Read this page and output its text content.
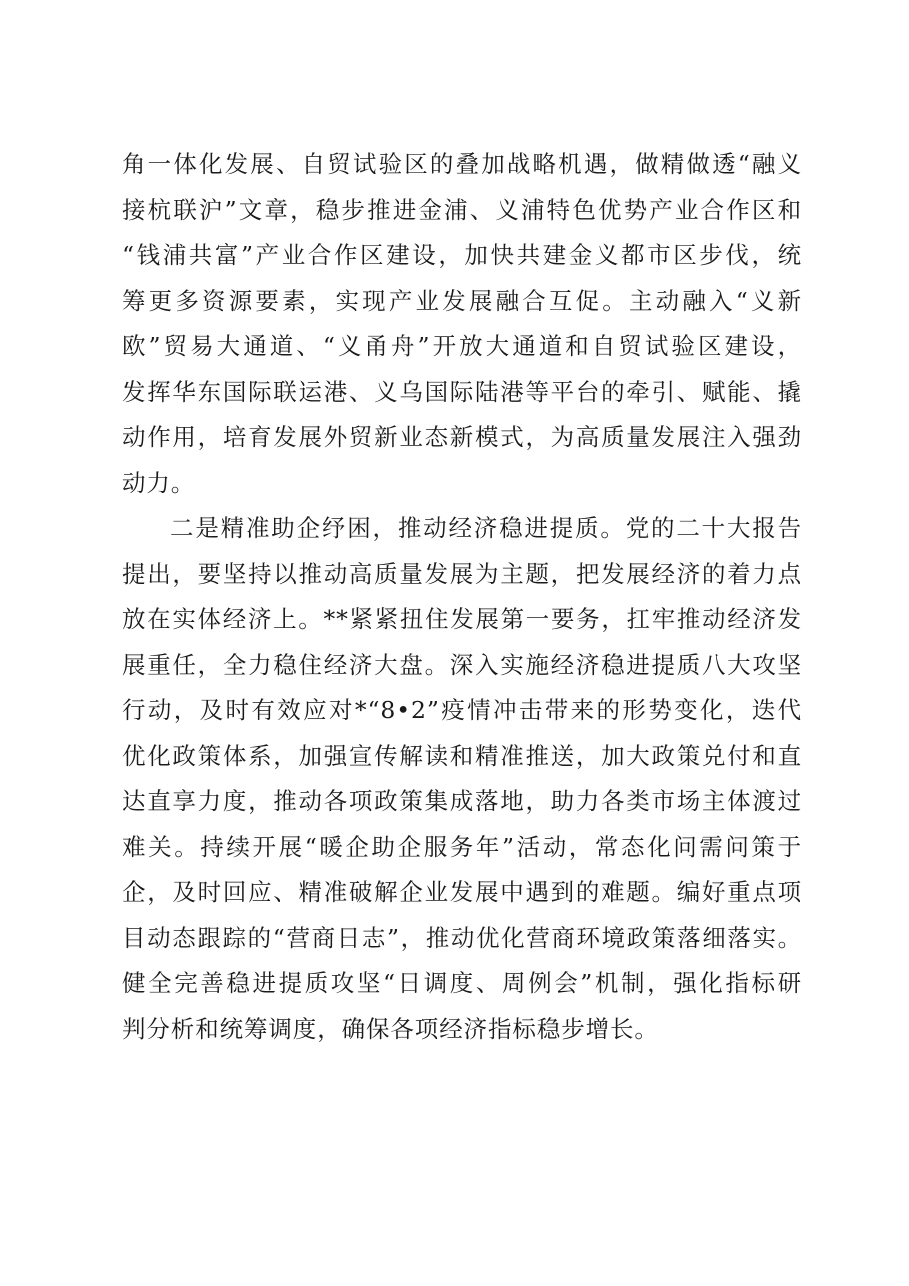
角一体化发展、自贸试验区的叠加战略机遇，做精做透“融义
接杭联沪”文章，稳步推进金浦、义浦特色优势产业合作区和
“钱浦共富”产业合作区建设，加快共建金义都市区步伐，统
筹更多资源要素，实现产业发展融合互促。主动融入“义新
欧”贸易大通道、“义甬舟”开放大通道和自贸试验区建设，
发挥华东国际联运港、义乌国际陆港等平台的牵引、赋能、撬
动作用，培育发展外贸新业态新模式，为高质量发展注入强劲
动力。
二是精准助企纾困，推动经济稳进提质。党的二十大报告
提出，要坚持以推动高质量发展为主题，把发展经济的着力点
放在实体经济上。**紧紧扭住发展第一要务，扛牢推动经济发
展重任，全力稳住经济大盘。深入实施经济稳进提质八大攻坚
行动，及时有效应对*“8•2”疫情冲击带来的形势变化，迭代
优化政策体系，加强宣传解读和精准推送，加大政策兑付和直
达直享力度，推动各项政策集成落地，助力各类市场主体渡过
难关。持续开展“暖企助企服务年”活动，常态化问需问策于
企，及时回应、精准破解企业发展中遇到的难题。编好重点项
目动态跟踪的“营商日志”，推动优化营商环境政策落细落实。
健全完善稳进提质攻坚“日调度、周例会”机制，强化指标研
判分析和统筹调度，确保各项经济指标稳步增长。
